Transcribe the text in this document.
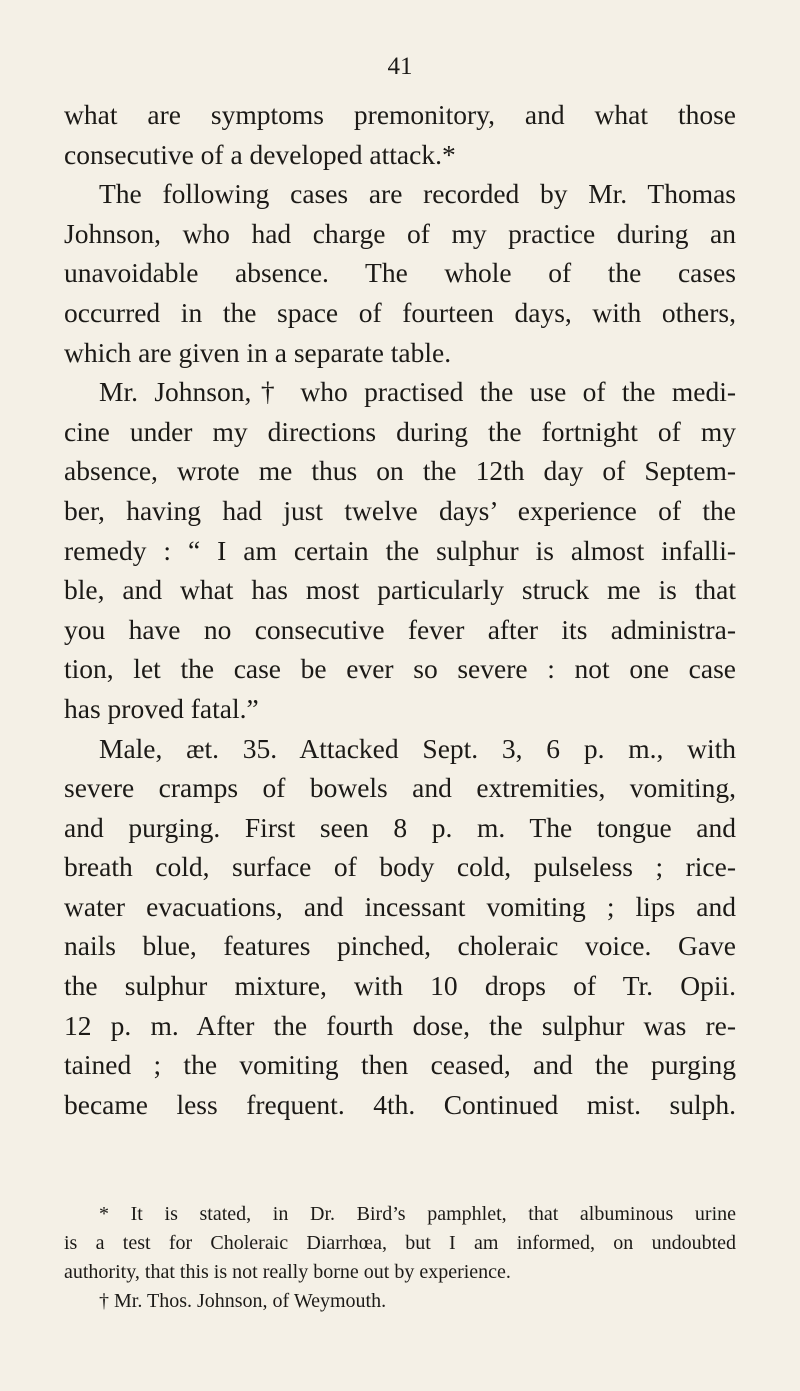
41
what are symptoms premonitory, and what those
consecutive of a developed attack.*
The following cases are recorded by Mr. Thomas
Johnson, who had charge of my practice during an
unavoidable absence. The whole of the cases
occurred in the space of fourteen days, with others,
which are given in a separate table.
Mr. Johnson,† who practised the use of the medi-
cine under my directions during the fortnight of my
absence, wrote me thus on the 12th day of Septem-
ber, having had just twelve days’ experience of the
remedy : “ I am certain the sulphur is almost infalli-
ble, and what has most particularly struck me is that
you have no consecutive fever after its administra-
tion, let the case be ever so severe : not one case
has proved fatal.”
Male, æt. 35. Attacked Sept. 3, 6 p. m., with
severe cramps of bowels and extremities, vomiting,
and purging. First seen 8 p. m. The tongue and
breath cold, surface of body cold, pulseless ; rice-
water evacuations, and incessant vomiting ; lips and
nails blue, features pinched, choleraic voice. Gave
the sulphur mixture, with 10 drops of Tr. Opii.
12 p. m. After the fourth dose, the sulphur was re-
tained ; the vomiting then ceased, and the purging
became less frequent. 4th. Continued mist. sulph.
* It is stated, in Dr. Bird’s pamphlet, that albuminous urine
is a test for Choleraic Diarrhœa, but I am informed, on undoubted
authority, that this is not really borne out by experience.
† Mr. Thos. Johnson, of Weymouth.
